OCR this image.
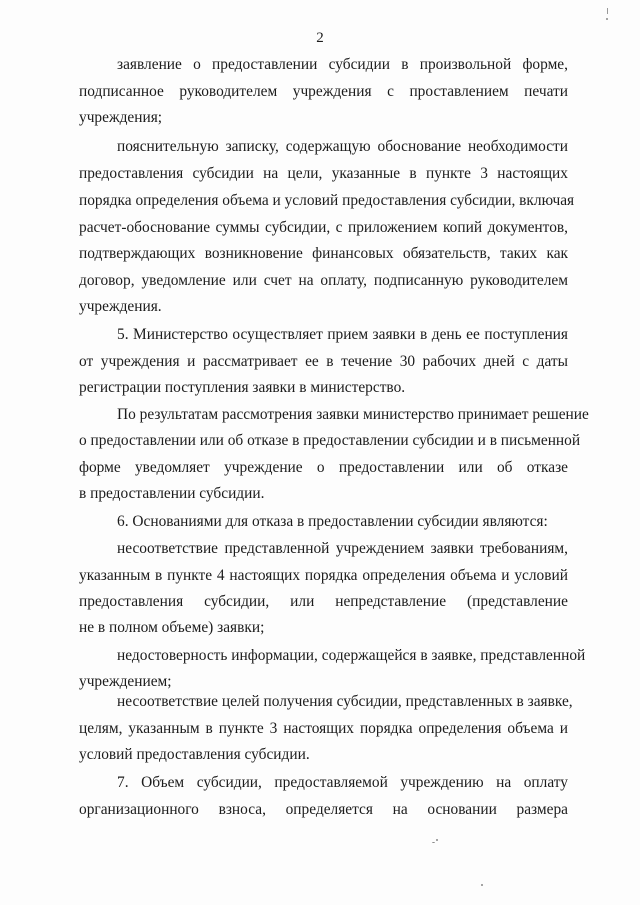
2
заявление о предоставлении субсидии в произвольной форме,
подписанное руководителем учреждения с проставлением печати
учреждения;
пояснительную записку, содержащую обоснование необходимости
предоставления субсидии на цели, указанные в пункте 3 настоящих
порядка определения объема и условий предоставления субсидии, включая
расчет-обоснование суммы субсидии, с приложением копий документов,
подтверждающих возникновение финансовых обязательств, таких как
договор, уведомление или счет на оплату, подписанную руководителем
учреждения.
5. Министерство осуществляет прием заявки в день ее поступления
от учреждения и рассматривает ее в течение 30 рабочих дней с даты
регистрации поступления заявки в министерство.
По результатам рассмотрения заявки министерство принимает решение
о предоставлении или об отказе в предоставлении субсидии и в письменной
форме уведомляет учреждение о предоставлении или об отказе
в предоставлении субсидии.
6. Основаниями для отказа в предоставлении субсидии являются:
несоответствие представленной учреждением заявки требованиям,
указанным в пункте 4 настоящих порядка определения объема и условий
предоставления субсидии, или непредставление (представление
не в полном объеме) заявки;
недостоверность информации, содержащейся в заявке, представленной
учреждением;
несоответствие целей получения субсидии, представленных в заявке,
целям, указанным в пункте 3 настоящих порядка определения объема и
условий предоставления субсидии.
7. Объем субсидии, предоставляемой учреждению на оплату
организационного взноса, определяется на основании размера
